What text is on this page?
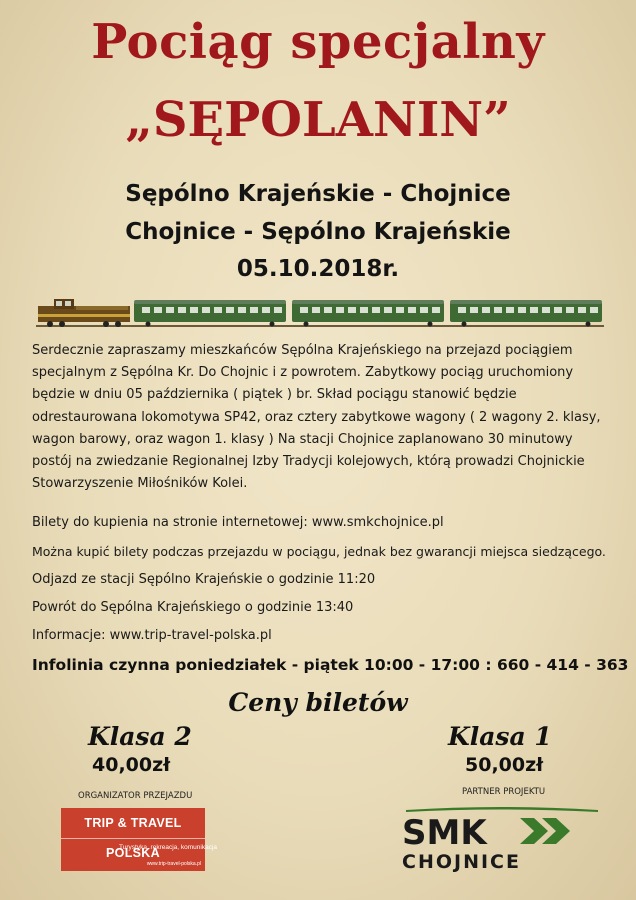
Pociąg specjalny
„SĘPOLANIN”
Sępólno Krajeńskie - Chojnice
Chojnice - Sępólno Krajeńskie
05.10.2018r.
Serdecznie zapraszamy mieszkańców Sępólna Krajeńskiego na przejazd pociągiem specjalnym z Sępólna Kr. Do Chojnic i z powrotem. Zabytkowy pociąg uruchomiony będzie w dniu 05 października ( piątek ) br. Skład pociągu stanowić będzie odrestaurowana lokomotywa SP42, oraz cztery zabytkowe wagony ( 2 wagony 2. klasy, wagon barowy, oraz wagon 1. klasy ) Na stacji Chojnice zaplanowano 30 minutowy postój na zwiedzanie Regionalnej Izby Tradycji kolejowych, którą prowadzi Chojnickie Stowarzyszenie Miłośników Kolei.
Bilety do kupienia na stronie internetowej: www.smkchojnice.pl
Można kupić bilety podczas przejazdu w pociągu, jednak bez gwarancji miejsca siedzącego.
Odjazd ze stacji Sępólno Krajeńskie o godzinie 11:20
Powrót do Sępólna Krajeńskiego o godzinie 13:40
Informacje: www.trip-travel-polska.pl
Infolinia czynna poniedziałek - piątek 10:00 - 17:00 : 660 - 414 - 363
Ceny biletów
Klasa 2
40,00zł
Klasa 1
50,00zł
ORGANIZATOR PRZEJAZDU	PARTNER PROJEKTU
TRIP & TRAVEL POLSKA
Turystyka, rekreacja, komunikacja
www.trip-travel-polska.pl
SMK
CHOJNICE
